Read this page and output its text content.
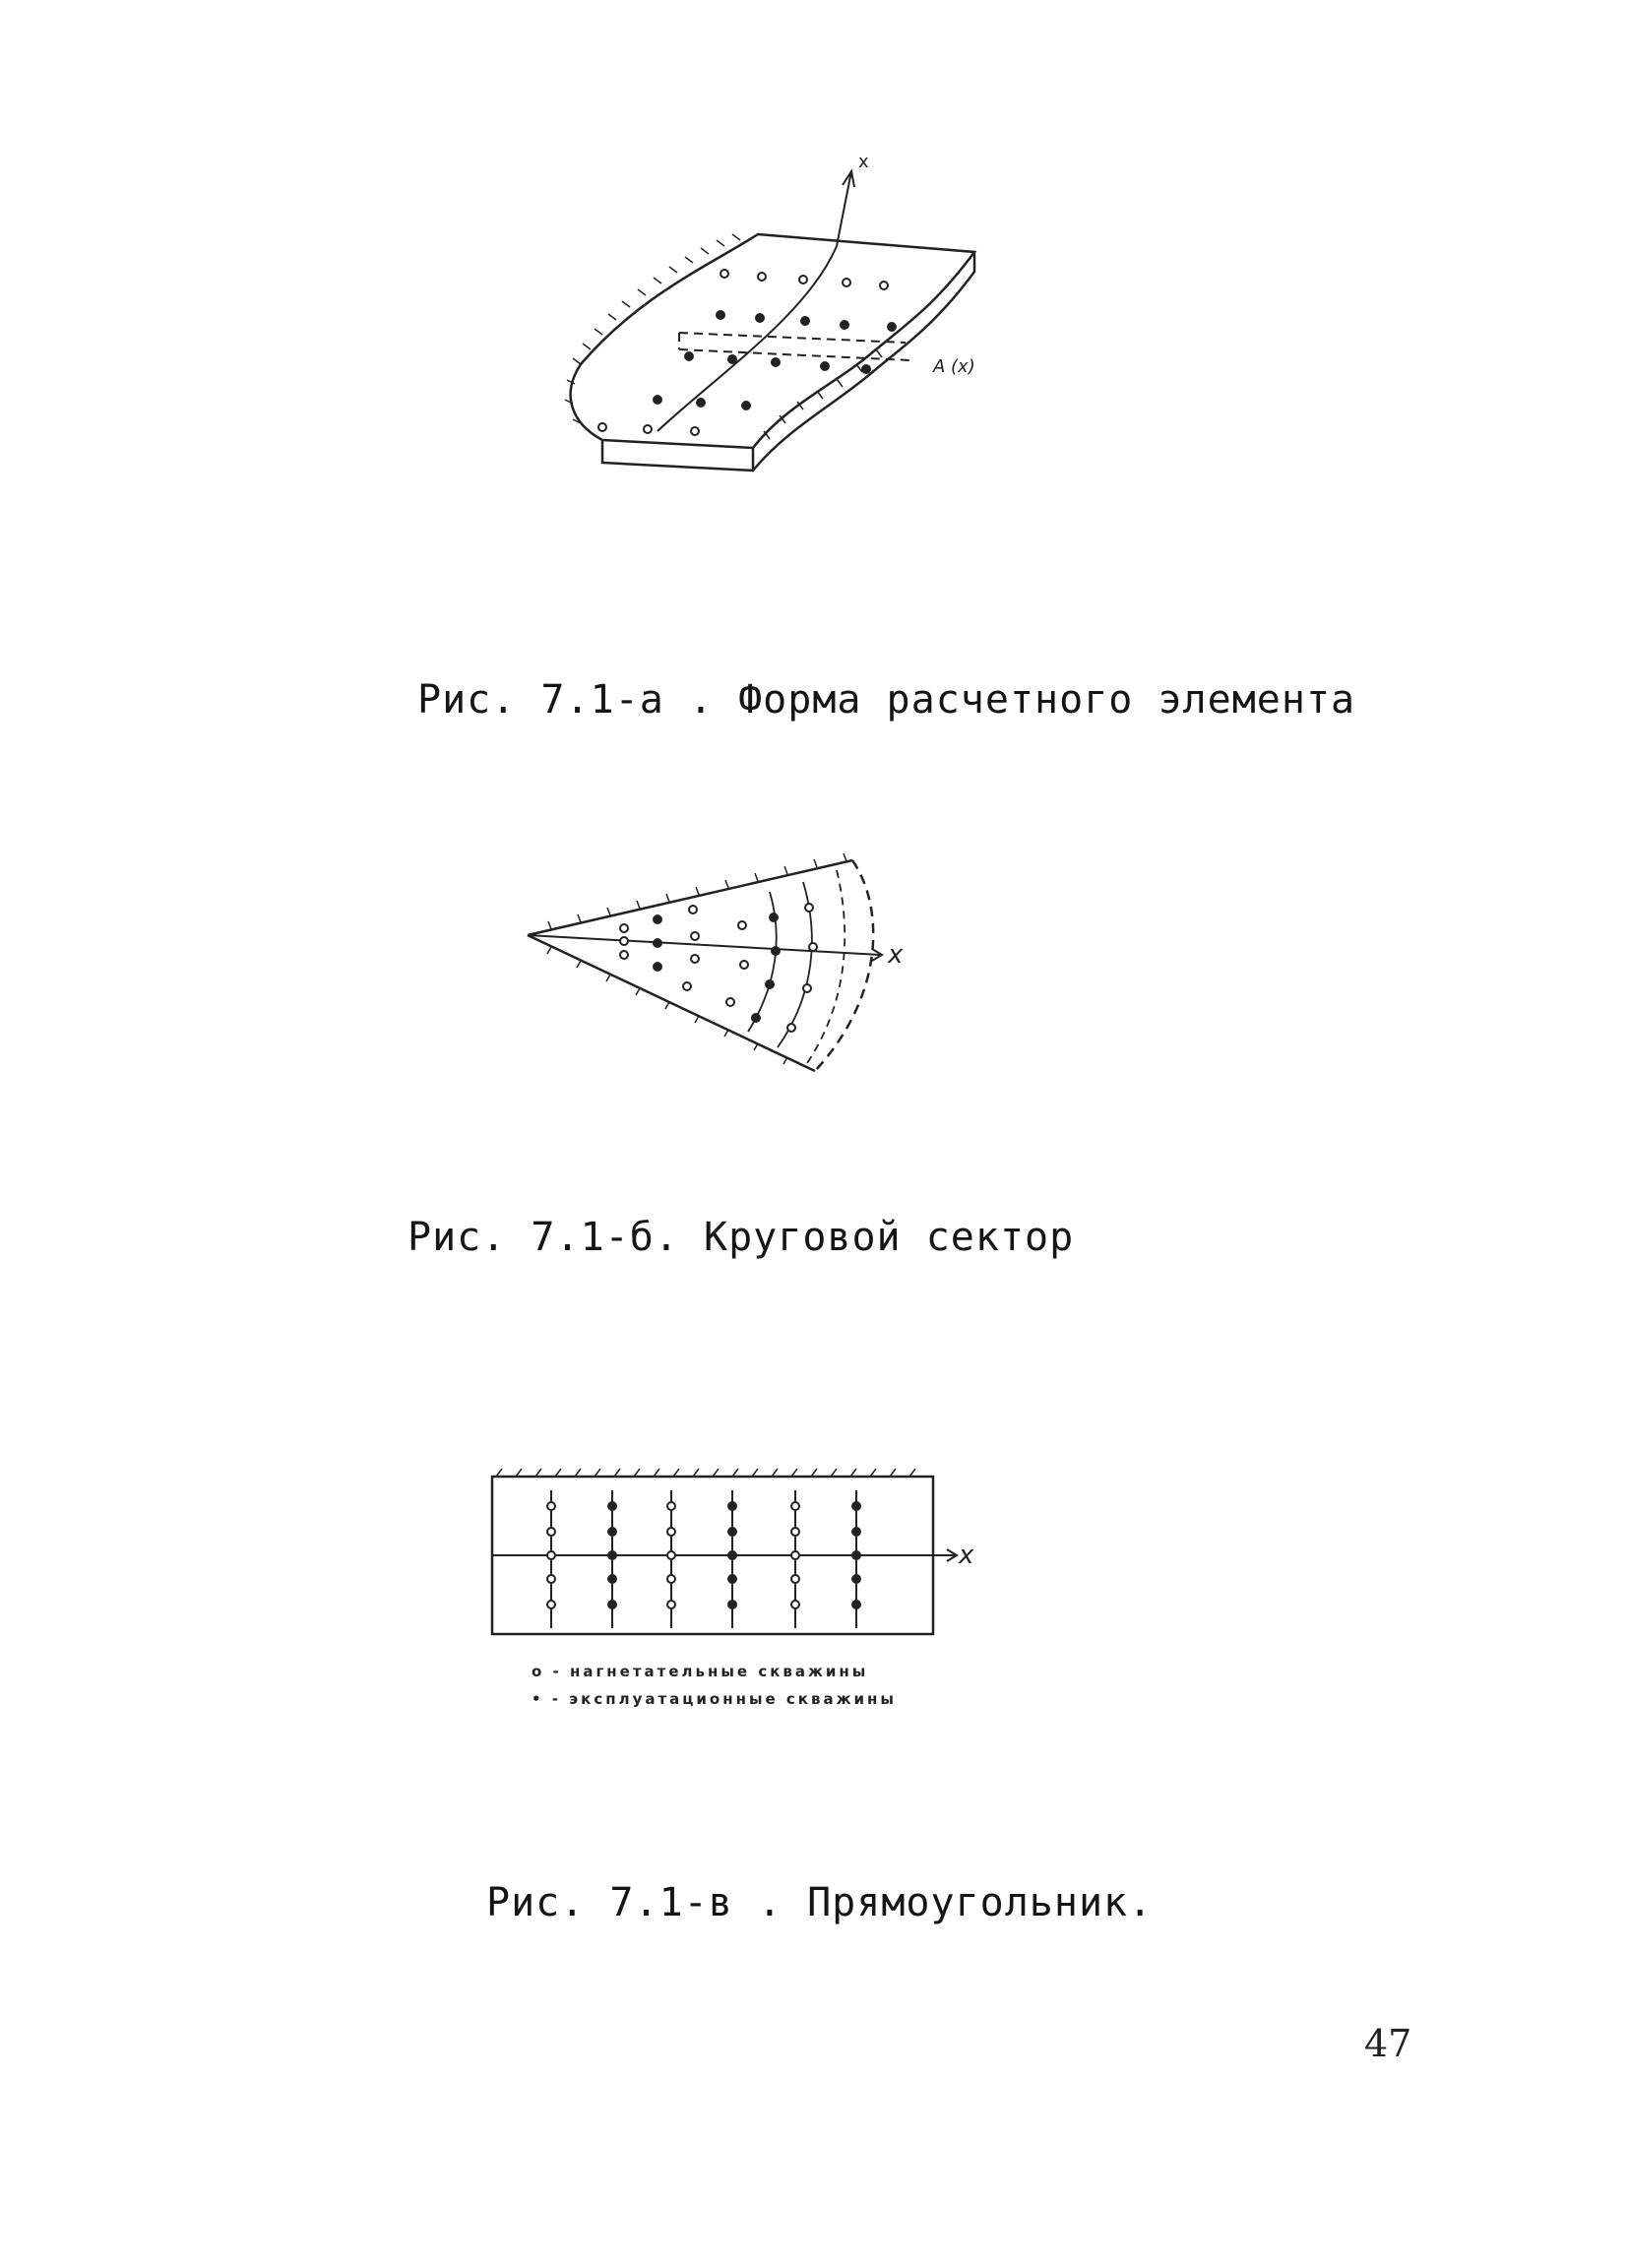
x
A (x)
Рис. 7.1-а . Форма расчетного элемента
x
Рис. 7.1-б. Круговой сектор
x
о - нагнетательные скважины
• - эксплуатационные скважины
Рис. 7.1-в . Прямоугольник.
47
